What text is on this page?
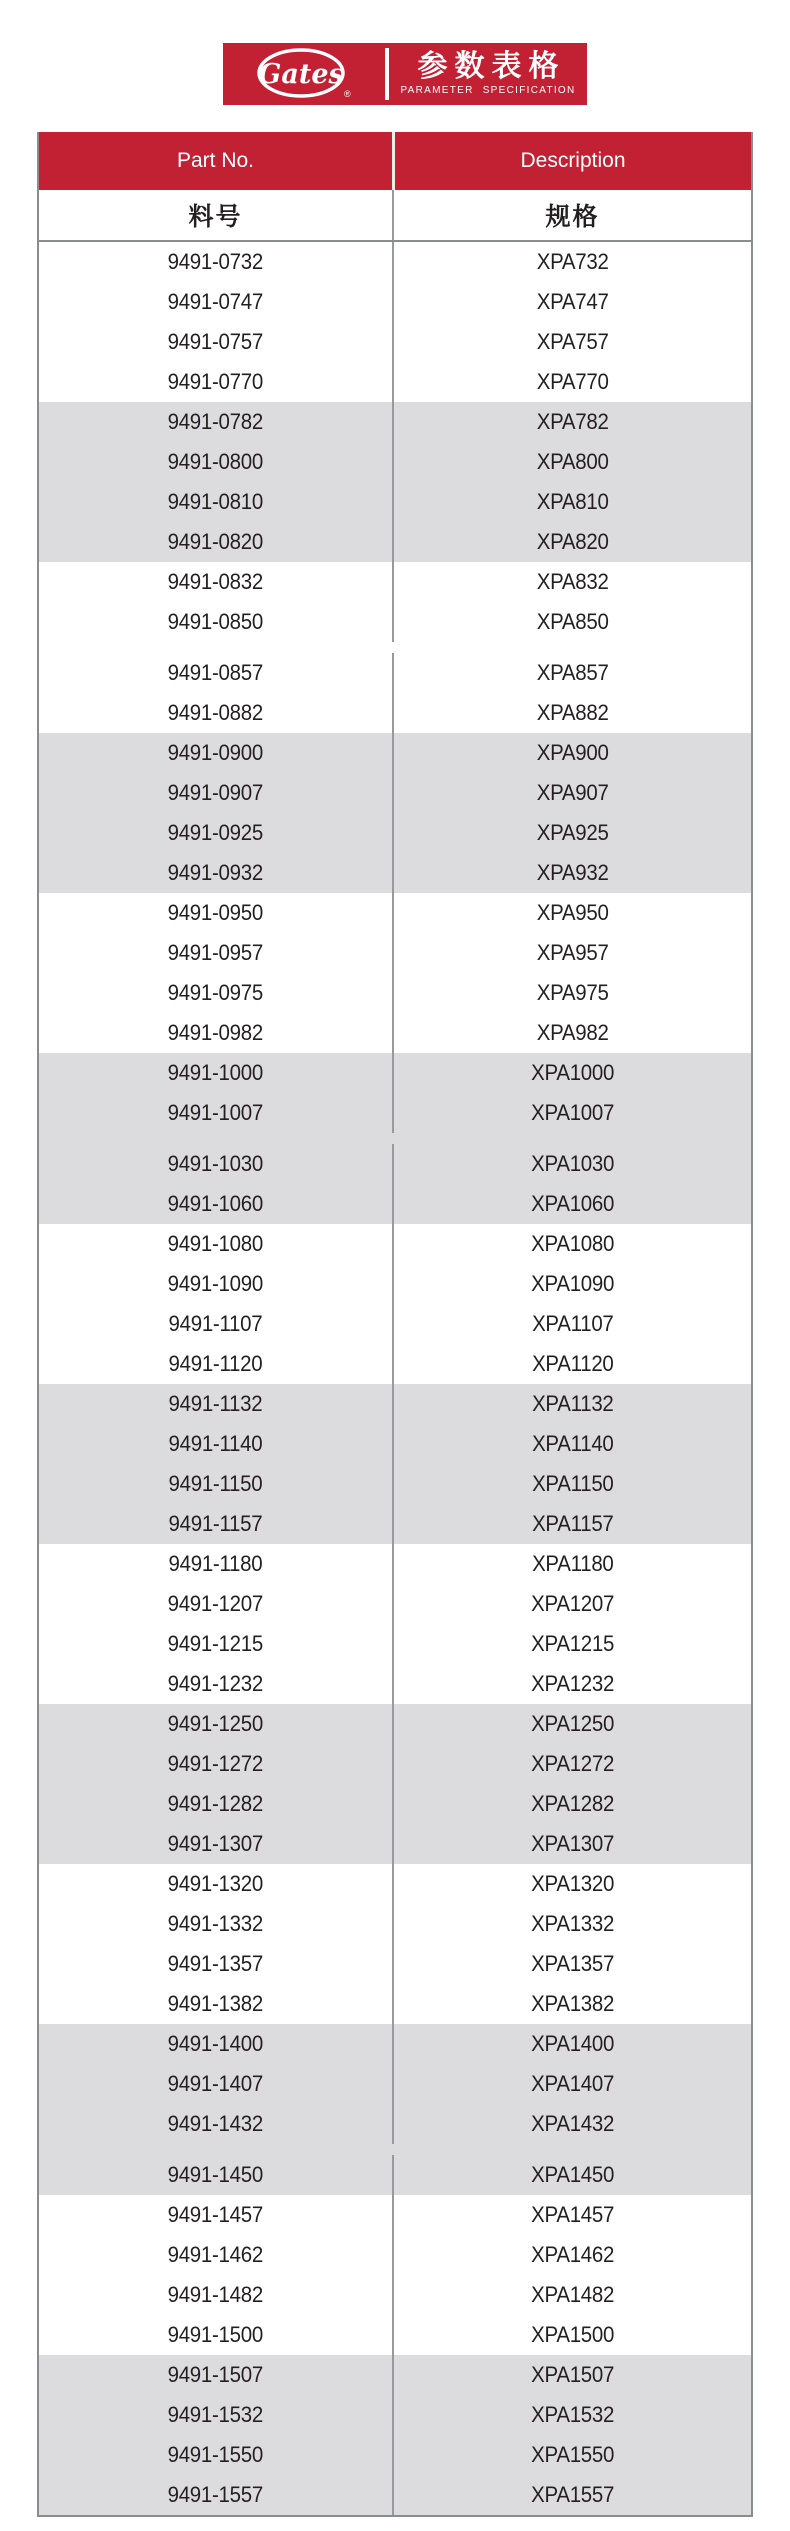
Gates
®
参数表格
PARAMETER SPECIFICATION
Part No.	Description
料号	规格
9491-0732	XPA732
9491-0747	XPA747
9491-0757	XPA757
9491-0770	XPA770
9491-0782	XPA782
9491-0800	XPA800
9491-0810	XPA810
9491-0820	XPA820
9491-0832	XPA832
9491-0850	XPA850
9491-0857	XPA857
9491-0882	XPA882
9491-0900	XPA900
9491-0907	XPA907
9491-0925	XPA925
9491-0932	XPA932
9491-0950	XPA950
9491-0957	XPA957
9491-0975	XPA975
9491-0982	XPA982
9491-1000	XPA1000
9491-1007	XPA1007
9491-1030	XPA1030
9491-1060	XPA1060
9491-1080	XPA1080
9491-1090	XPA1090
9491-1107	XPA1107
9491-1120	XPA1120
9491-1132	XPA1132
9491-1140	XPA1140
9491-1150	XPA1150
9491-1157	XPA1157
9491-1180	XPA1180
9491-1207	XPA1207
9491-1215	XPA1215
9491-1232	XPA1232
9491-1250	XPA1250
9491-1272	XPA1272
9491-1282	XPA1282
9491-1307	XPA1307
9491-1320	XPA1320
9491-1332	XPA1332
9491-1357	XPA1357
9491-1382	XPA1382
9491-1400	XPA1400
9491-1407	XPA1407
9491-1432	XPA1432
9491-1450	XPA1450
9491-1457	XPA1457
9491-1462	XPA1462
9491-1482	XPA1482
9491-1500	XPA1500
9491-1507	XPA1507
9491-1532	XPA1532
9491-1550	XPA1550
9491-1557	XPA1557
